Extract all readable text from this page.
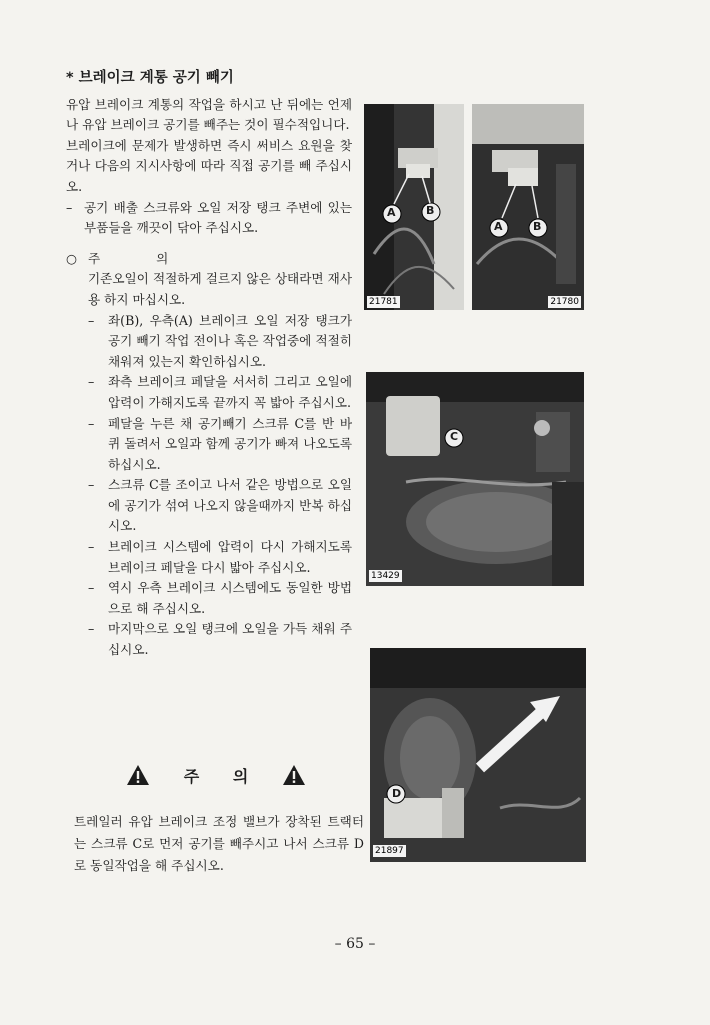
* 브레이크 계통 공기 빼기

유압 브레이크 계통의 작업을 하시고 난 뒤에는 언제나 유압 브레이크 공기를 빼주는 것이 필수적입니다.

브레이크에 문제가 발생하면 즉시 써비스 요원을 찾거나 다음의 지시사항에 따라 직접 공기를 빼 주십시오.

– 공기 배출 스크류와 오일 저장 탱크 주변에 있는 부품들을 깨끗이 닦아 주십시오.
○ 주 의

기존오일이 적절하게 걸르지 않은 상태라면 재사용 하지 마십시오.

–	좌(B), 우측(A) 브레이크 오일 저장 탱크가 공기 빼기 작업 전이나 혹은 작업중에 적절히 채워져 있는지 확인하십시오.
–	좌측 브레이크 페달을 서서히 그리고 오일에 압력이 가해지도록 끝까지 꼭 밟아 주십시오.
–	페달을 누른 채 공기빼기 스크류 C를 반 바퀴 돌려서 오일과 함께 공기가 빠져 나오도록 하십시오.
–	스크류 C를 조이고 나서 같은 방법으로 오일에 공기가 섞여 나오지 않을때까지 반복 하십시오.
–	브레이크 시스템에 압력이 다시 가해지도록 브레이크 페달을 다시 밟아 주십시오.
–	역시 우측 브레이크 시스템에도 동일한 방법으로 해 주십시오.
–	마지막으로 오일 탱크에 오일을 가득 채워 주십시오.
주 의

트레일러 유압 브레이크 조정 밸브가 장착된 트랙터는 스크류 C로 먼저 공기를 빼주시고 나서 스크류 D로 동일작업을 해 주십시오.

A	B
21781
A	B
21780
C
13429
D
21897
– 65 –
